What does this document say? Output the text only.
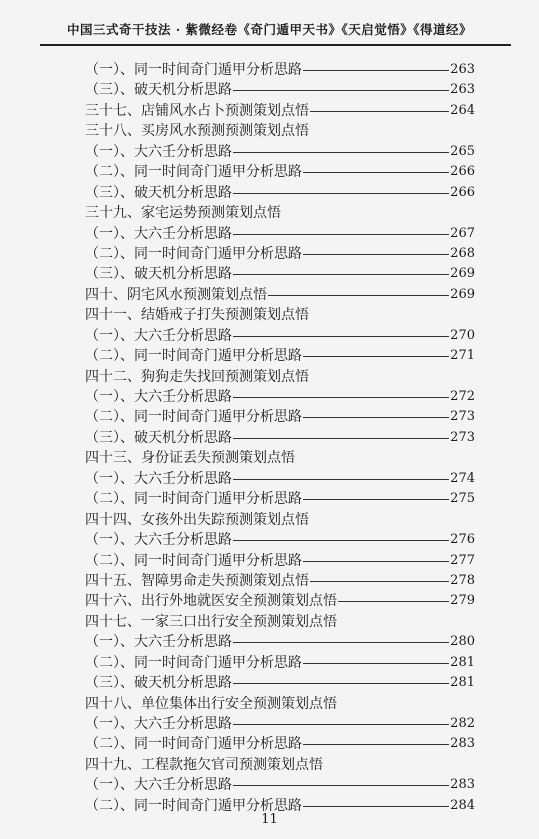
中国三式奇干技法 · 紫微经卷《奇门遁甲天书》《天启觉悟》《得道经》
（一）、同一时间奇门遁甲分析思路	263
（三）、破天机分析思路	263
三十七、店铺风水占卜预测策划点悟	264
三十八、买房风水预测预测策划点悟
（一）、大六壬分析思路	265
（二）、同一时间奇门遁甲分析思路	266
（三）、破天机分析思路	266
三十九、家宅运势预测策划点悟
（一）、大六壬分析思路	267
（二）、同一时间奇门遁甲分析思路	268
（三）、破天机分析思路	269
四十、阴宅风水预测策划点悟	269
四十一、结婚戒子打失预测策划点悟
（一）、大六壬分析思路	270
（二）、同一时间奇门遁甲分析思路	271
四十二、狗狗走失找回预测策划点悟
（一）、大六壬分析思路	272
（二）、同一时间奇门遁甲分析思路	273
（三）、破天机分析思路	273
四十三、身份证丢失预测策划点悟
（一）、大六壬分析思路	274
（二）、同一时间奇门遁甲分析思路	275
四十四、女孩外出失踪预测策划点悟
（一）、大六壬分析思路	276
（二）、同一时间奇门遁甲分析思路	277
四十五、智障男命走失预测策划点悟	278
四十六、出行外地就医安全预测策划点悟	279
四十七、一家三口出行安全预测策划点悟
（一）、大六壬分析思路	280
（二）、同一时间奇门遁甲分析思路	281
（三）、破天机分析思路	281
四十八、单位集体出行安全预测策划点悟
（一）、大六壬分析思路	282
（二）、同一时间奇门遁甲分析思路	283
四十九、工程款拖欠官司预测策划点悟
（一）、大六壬分析思路	283
（二）、同一时间奇门遁甲分析思路	284
11
